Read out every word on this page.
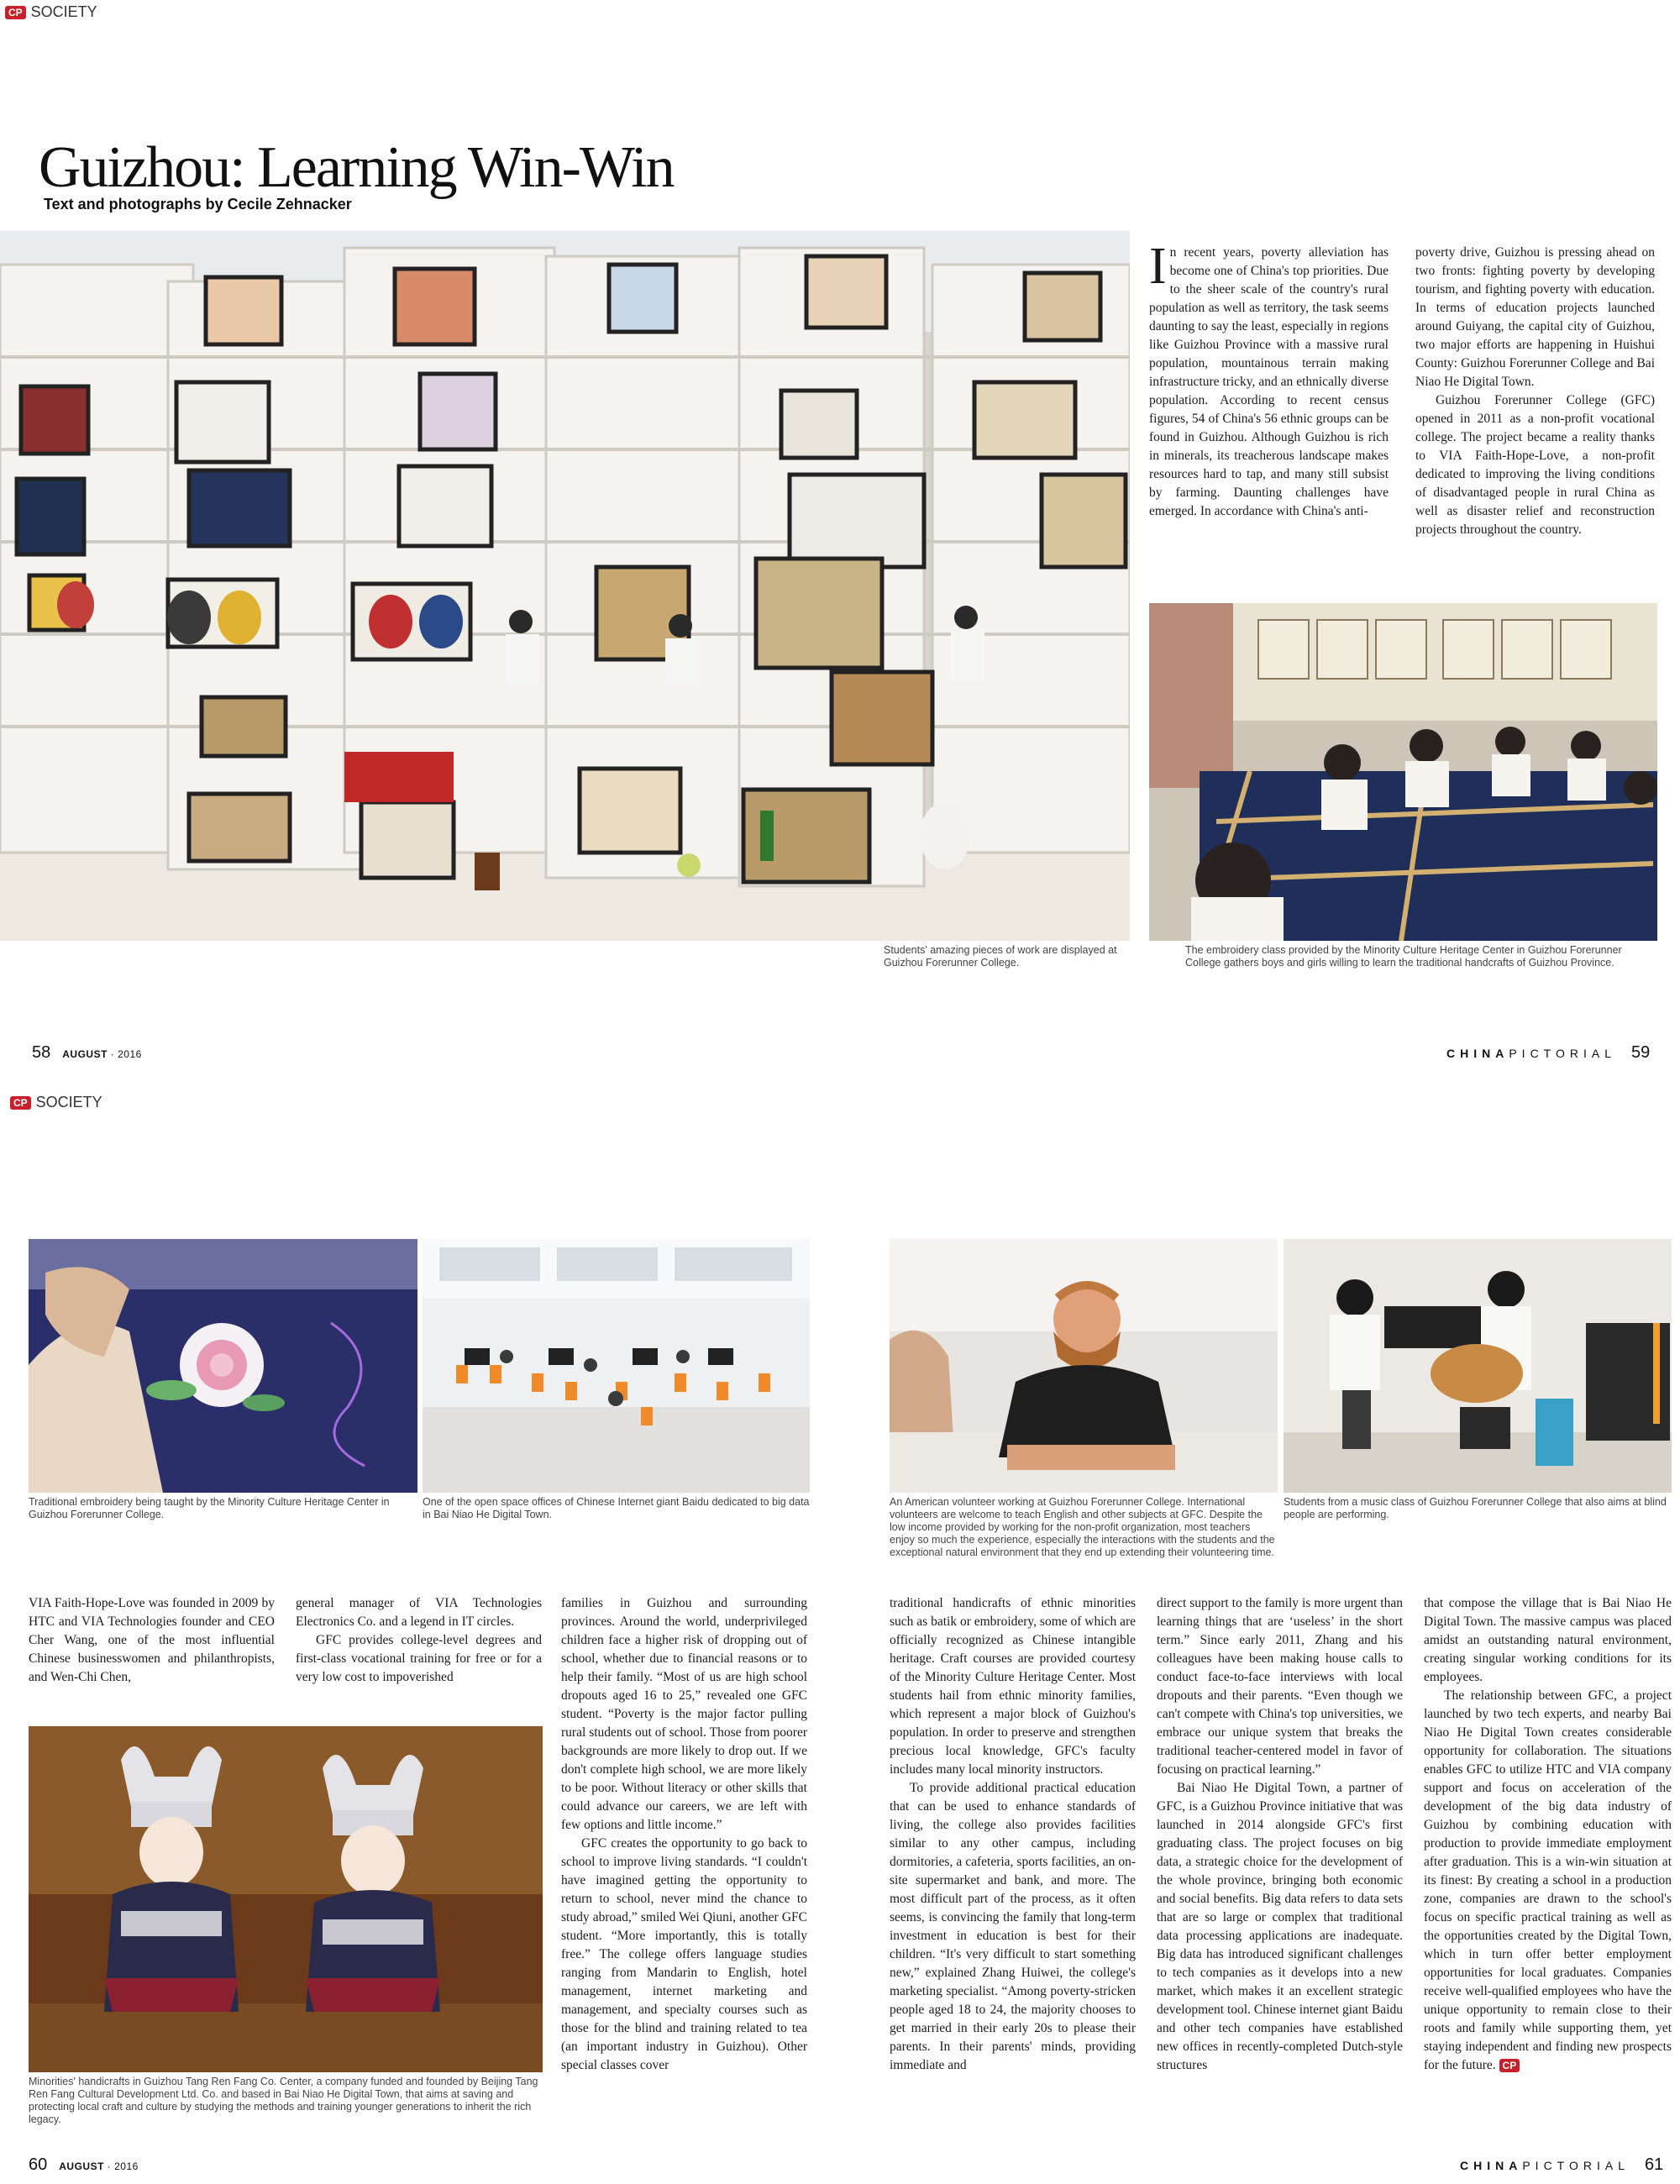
CP SOCIETY
Guizhou: Learning Win-Win
Text and photographs by Cecile Zehnacker
I n recent years, poverty alleviation has become one of China's top priorities. Due to the sheer scale of the country's rural population as well as territory, the task seems daunting to say the least, especially in regions like Guizhou Province with a massive rural population, mountainous terrain making infrastructure tricky, and an ethnically diverse population. According to recent census figures, 54 of China's 56 ethnic groups can be found in Guizhou. Although Guizhou is rich in minerals, its treacherous landscape makes resources hard to tap, and many still subsist by farming. Daunting challenges have emerged. In accordance with China's anti-

poverty drive, Guizhou is pressing ahead on two fronts: fighting poverty by developing tourism, and fighting poverty with education. In terms of education projects launched around Guiyang, the capital city of Guizhou, two major efforts are happening in Huishui County: Guizhou Forerunner College and Bai Niao He Digital Town.

Guizhou Forerunner College (GFC) opened in 2011 as a non-profit vocational college. The project became a reality thanks to VIA Faith-Hope-Love, a non-profit dedicated to improving the living conditions of disadvantaged people in rural China as well as disaster relief and reconstruction projects throughout the country.

Students' amazing pieces of work are displayed at Guizhou Forerunner College.
The embroidery class provided by the Minority Culture Heritage Center in Guizhou Forerunner College gathers boys and girls willing to learn the traditional handcrafts of Guizhou Province.
58 AUGUST · 2016	CHINAPICTORIAL 59
CP SOCIETY
Traditional embroidery being taught by the Minority Culture Heritage Center in Guizhou Forerunner College.
One of the open space offices of Chinese Internet giant Baidu dedicated to big data in Bai Niao He Digital Town.
An American volunteer working at Guizhou Forerunner College. International volunteers are welcome to teach English and other subjects at GFC. Despite the low income provided by working for the non-profit organization, most teachers enjoy so much the experience, especially the interactions with the students and the exceptional natural environment that they end up extending their volunteering time.
Students from a music class of Guizhou Forerunner College that also aims at blind people are performing.

VIA Faith-Hope-Love was founded in 2009 by HTC and VIA Technologies founder and CEO Cher Wang, one of the most influential Chinese businesswomen and philanthropists, and Wen-Chi Chen,

general manager of VIA Technologies Electronics Co. and a legend in IT circles.

GFC provides college-level degrees and first-class vocational training for free or for a very low cost to impoverished

Minorities' handicrafts in Guizhou Tang Ren Fang Co. Center, a company funded and founded by Beijing Tang Ren Fang Cultural Development Ltd. Co. and based in Bai Niao He Digital Town, that aims at saving and protecting local craft and culture by studying the methods and training younger generations to inherit the rich legacy.

families in Guizhou and surrounding provinces. Around the world, underprivileged children face a higher risk of dropping out of school, whether due to financial reasons or to help their family. “Most of us are high school dropouts aged 16 to 25,” revealed one GFC student. “Poverty is the major factor pulling rural students out of school. Those from poorer backgrounds are more likely to drop out. If we don't complete high school, we are more likely to be poor. Without literacy or other skills that could advance our careers, we are left with few options and little income.”

GFC creates the opportunity to go back to school to improve living standards. “I couldn't have imagined getting the opportunity to return to school, never mind the chance to study abroad,” smiled Wei Qiuni, another GFC student. “More importantly, this is totally free.” The college offers language studies ranging from Mandarin to English, hotel management, internet marketing and management, and specialty courses such as those for the blind and training related to tea (an important industry in Guizhou). Other special classes cover

traditional handicrafts of ethnic minorities such as batik or embroidery, some of which are officially recognized as Chinese intangible heritage. Craft courses are provided courtesy of the Minority Culture Heritage Center. Most students hail from ethnic minority families, which represent a major block of Guizhou's population. In order to preserve and strengthen precious local knowledge, GFC's faculty includes many local minority instructors.

To provide additional practical education that can be used to enhance standards of living, the college also provides facilities similar to any other campus, including dormitories, a cafeteria, sports facilities, an on-site supermarket and bank, and more. The most difficult part of the process, as it often seems, is convincing the family that long-term investment in education is best for their children. “It's very difficult to start something new,” explained Zhang Huiwei, the college's marketing specialist. “Among poverty-stricken people aged 18 to 24, the majority chooses to get married in their early 20s to please their parents. In their parents' minds, providing immediate and

direct support to the family is more urgent than learning things that are ‘useless’ in the short term.” Since early 2011, Zhang and his colleagues have been making house calls to conduct face-to-face interviews with local dropouts and their parents. “Even though we can't compete with China's top universities, we embrace our unique system that breaks the traditional teacher-centered model in favor of focusing on practical learning.”

Bai Niao He Digital Town, a partner of GFC, is a Guizhou Province initiative that was launched in 2014 alongside GFC's first graduating class. The project focuses on big data, a strategic choice for the development of the whole province, bringing both economic and social benefits. Big data refers to data sets that are so large or complex that traditional data processing applications are inadequate. Big data has introduced significant challenges to tech companies as it develops into a new market, which makes it an excellent strategic development tool. Chinese internet giant Baidu and other tech companies have established new offices in recently-completed Dutch-style structures

that compose the village that is Bai Niao He Digital Town. The massive campus was placed amidst an outstanding natural environment, creating singular working conditions for its employees.

The relationship between GFC, a project launched by two tech experts, and nearby Bai Niao He Digital Town creates considerable opportunity for collaboration. The situations enables GFC to utilize HTC and VIA company support and focus on acceleration of the development of the big data industry of Guizhou by combining education with production to provide immediate employment after graduation. This is a win-win situation at its finest: By creating a school in a production zone, companies are drawn to the school's focus on specific practical training as well as the opportunities created by the Digital Town, which in turn offer better employment opportunities for local graduates. Companies receive well-qualified employees who have the unique opportunity to remain close to their roots and family while supporting them, yet staying independent and finding new prospects for the future. CP

60 AUGUST · 2016	CHINAPICTORIAL 61
